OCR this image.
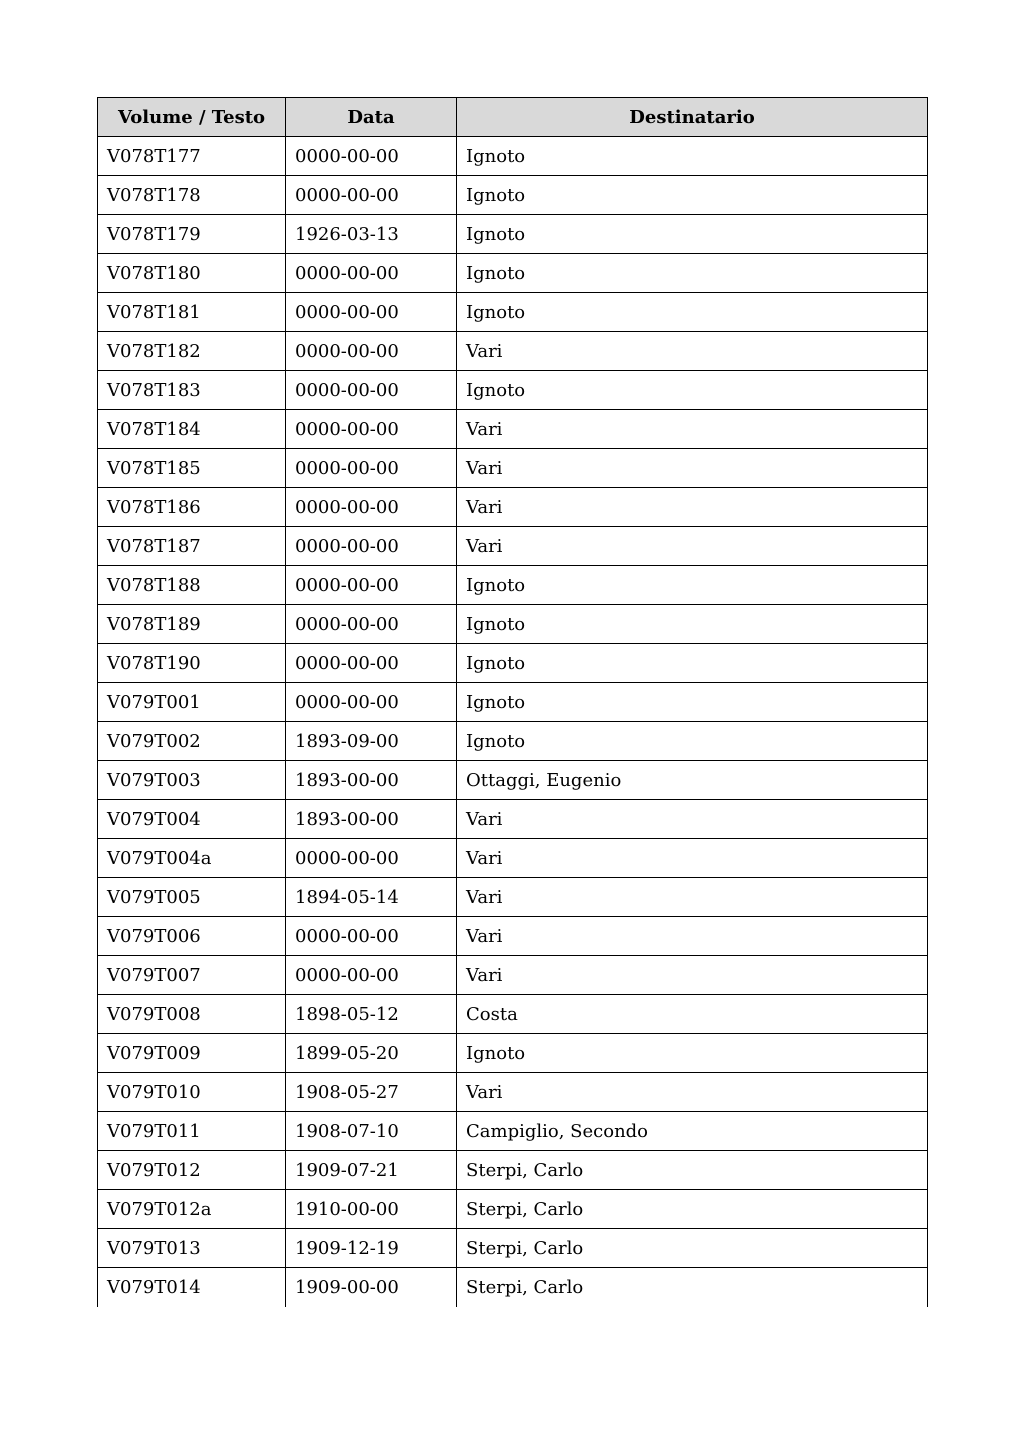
Volume / Testo	Data	Destinatario
V078T177	0000-00-00	Ignoto
V078T178	0000-00-00	Ignoto
V078T179	1926-03-13	Ignoto
V078T180	0000-00-00	Ignoto
V078T181	0000-00-00	Ignoto
V078T182	0000-00-00	Vari
V078T183	0000-00-00	Ignoto
V078T184	0000-00-00	Vari
V078T185	0000-00-00	Vari
V078T186	0000-00-00	Vari
V078T187	0000-00-00	Vari
V078T188	0000-00-00	Ignoto
V078T189	0000-00-00	Ignoto
V078T190	0000-00-00	Ignoto
V079T001	0000-00-00	Ignoto
V079T002	1893-09-00	Ignoto
V079T003	1893-00-00	Ottaggi, Eugenio
V079T004	1893-00-00	Vari
V079T004a	0000-00-00	Vari
V079T005	1894-05-14	Vari
V079T006	0000-00-00	Vari
V079T007	0000-00-00	Vari
V079T008	1898-05-12	Costa
V079T009	1899-05-20	Ignoto
V079T010	1908-05-27	Vari
V079T011	1908-07-10	Campiglio, Secondo
V079T012	1909-07-21	Sterpi, Carlo
V079T012a	1910-00-00	Sterpi, Carlo
V079T013	1909-12-19	Sterpi, Carlo
V079T014	1909-00-00	Sterpi, Carlo
